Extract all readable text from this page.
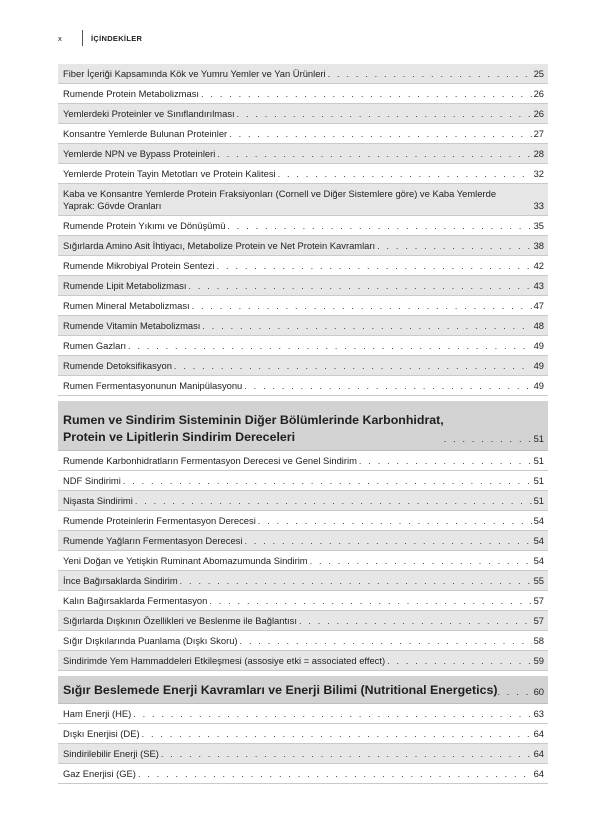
x	İÇİNDEKİLER
Fiber İçeriği Kapsamında Kök ve Yumru Yemler ve Yan Ürünleri . . .	25
Rumende Protein Metabolizması . . .	26
Yemlerdeki Proteinler ve Sınıflandırılması . . .	26
Konsantre Yemlerde Bulunan Proteinler . . .	27
Yemlerde NPN ve Bypass Proteinleri . . .	28
Yemlerde Protein Tayin Metotları ve Protein Kalitesi . . .	32
Kaba ve Konsantre Yemlerde Protein Fraksiyonları (Cornell ve Diğer Sistemlere göre) ve Kaba Yemlerde Yaprak: Gövde Oranları	33
Rumende Protein Yıkımı ve Dönüşümü . . .	35
Sığırlarda Amino Asit İhtiyacı, Metabolize Protein ve Net Protein Kavramları . . .	38
Rumende Mikrobiyal Protein Sentezi . . .	42
Rumende Lipit Metabolizması . . .	43
Rumen Mineral Metabolizması . . .	47
Rumende Vitamin Metabolizması . . .	48
Rumen Gazları . . .	49
Rumende Detoksifikasyon . . .	49
Rumen Fermentasyonunun Manipülasyonu . . .	49
Rumen ve Sindirim Sisteminin Diğer Bölümlerinde Karbonhidrat,
Protein ve Lipitlerin Sindirim Dereceleri . . .	51
Rumende Karbonhidratların Fermentasyon Derecesi ve Genel Sindirim . . .	51
NDF Sindirimi . . .	51
Nişasta Sindirimi . . .	51
Rumende Proteinlerin Fermentasyon Derecesi . . .	54
Rumende Yağların Fermentasyon Derecesi . . .	54
Yeni Doğan ve Yetişkin Ruminant Abomazumunda Sindirim . . .	54
İnce Bağırsaklarda Sindirim . . .	55
Kalın Bağırsaklarda Fermentasyon . . .	57
Sığırlarda Dışkının Özellikleri ve Beslenme ile Bağlantısı . . .	57
Sığır Dışkılarında Puanlama (Dışkı Skoru) . . .	58
Sindirimde Yem Hammaddeleri Etkileşmesi (assosiye etki = associated effect) . . .	59
Sığır Beslemede Enerji Kavramları ve Enerji Bilimi (Nutritional Energetics) . . .	60
Ham Enerji (HE) . . .	63
Dışkı Enerjisi (DE) . . .	64
Sindirilebilir Enerji (SE) . . .	64
Gaz Enerjisi (GE) . . .	64
